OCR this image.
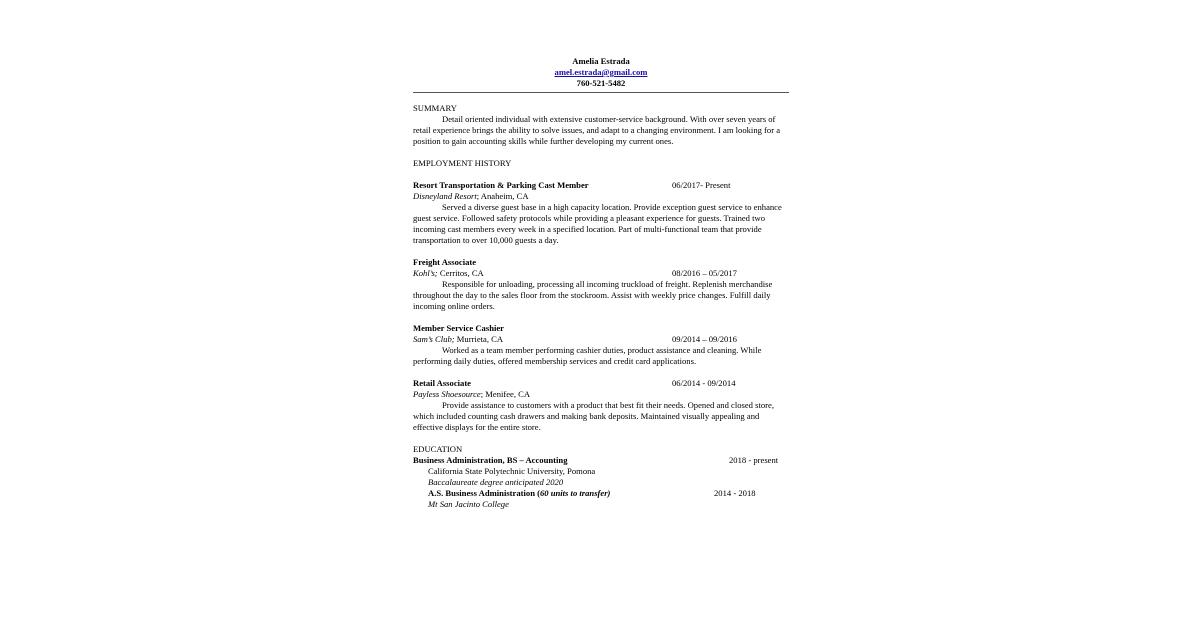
Amelia Estrada
amel.estrada@gmail.com
760-521-5482
SUMMARY
Detail oriented individual with extensive customer-service background. With over seven years of retail experience brings the ability to solve issues, and adapt to a changing environment. I am looking for a position to gain accounting skills while further developing my current ones.
EMPLOYMENT HISTORY
Resort Transportation & Parking Cast Member	06/2017- Present
Disneyland Resort; Anaheim, CA
Served a diverse guest base in a high capacity location. Provide exception guest service to enhance guest service. Followed safety protocols while providing a pleasant experience for guests. Trained two incoming cast members every week in a specified location. Part of multi-functional team that provide transportation to over 10,000 guests a day.
Freight Associate
Kohl’s; Cerritos, CA	08/2016 – 05/2017
Responsible for unloading, processing all incoming truckload of freight. Replenish merchandise throughout the day to the sales floor from the stockroom. Assist with weekly price changes. Fulfill daily incoming online orders.
Member Service Cashier
Sam’s Club; Murrieta, CA	09/2014 – 09/2016
Worked as a team member performing cashier duties, product assistance and cleaning. While performing daily duties, offered membership services and credit card applications.
Retail Associate	06/2014 - 09/2014
Payless Shoesource; Menifee, CA
Provide assistance to customers with a product that best fit their needs. Opened and closed store, which included counting cash drawers and making bank deposits. Maintained visually appealing and effective displays for the entire store.
EDUCATION
Business Administration, BS – Accounting	2018 - present
California State Polytechnic University, Pomona
Baccalaureate degree anticipated 2020
A.S. Business Administration (60 units to transfer)	2014 - 2018
Mt San Jacinto College
